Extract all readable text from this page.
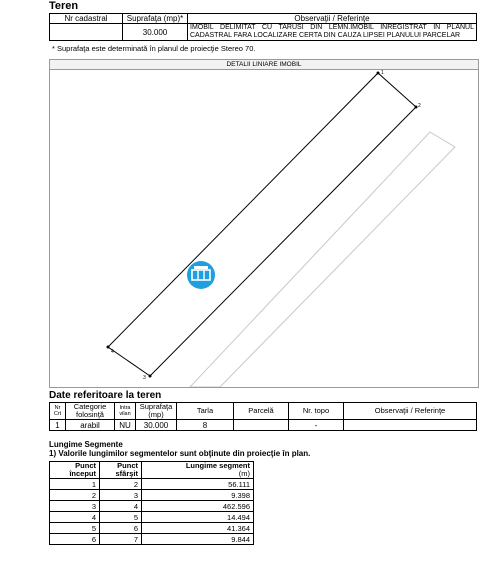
Teren
Nr cadastral	Suprafaţa (mp)*	Observaţii / Referinţe
	30.000	IMOBIL DELIMITAT CU TARUSI DIN LEMN.IMOBIL INREGISTRAT IN PLANUL CADASTRAL FARA LOCALIZARE CERTA DIN CAUZA LIPSEI PLANULUI PARCELAR
* Suprafaţa este determinată în planul de proiecţie Stereo 70.
DETALII LINIARE IMOBIL
1
2
3
4
Date referitoare la teren
Nr Crt	Categorie folosinţă	Intra vilan	Suprafaţa (mp)	Tarla	Parcelă	Nr. topo	Observaţii / Referinţe
1	arabil	NU	30.000	8		-	
Lungime Segmente
1) Valorile lungimilor segmentelor sunt obţinute din proiecţie în plan.
Punct început	Punct sfârşit	Lungime segment
(m)

1	2	56.111
2	3	9.398
3	4	462.596
4	5	14.494
5	6	41.364
6	7	9.844
